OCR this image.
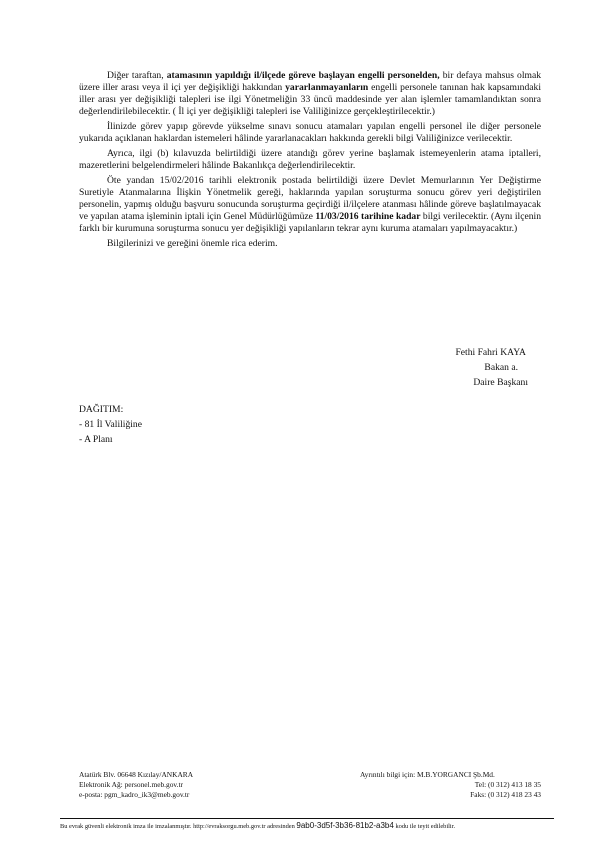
Diğer taraftan, atamasının yapıldığı il/ilçede göreve başlayan engelli personelden, bir defaya mahsus olmak üzere iller arası veya il içi yer değişikliği hakkından yararlanmayanların engelli personele tanınan hak kapsamındaki iller arası yer değişikliği talepleri ise ilgi Yönetmeliğin 33 üncü maddesinde yer alan işlemler tamamlandıktan sonra değerlendirilebilecektir. ( İl içi yer değişikliği talepleri ise Valiliğinizce gerçekleştirilecektir.)

İlinizde görev yapıp görevde yükselme sınavı sonucu atamaları yapılan engelli personel ile diğer personele yukarıda açıklanan haklardan istemeleri hâlinde yararlanacakları hakkında gerekli bilgi Valiliğinizce verilecektir.

Ayrıca, ilgi (b) kılavuzda belirtildiği üzere atandığı görev yerine başlamak istemeyenlerin atama iptalleri, mazeretlerini belgelendirmeleri hâlinde Bakanlıkça değerlendirilecektir.

Öte yandan 15/02/2016 tarihli elektronik postada belirtildiği üzere Devlet Memurlarının Yer Değiştirme Suretiyle Atanmalarına İlişkin Yönetmelik gereği, haklarında yapılan soruşturma sonucu görev yeri değiştirilen personelin, yapmış olduğu başvuru sonucunda soruşturma geçirdiği il/ilçelere atanması hâlinde göreve başlatılmayacak ve yapılan atama işleminin iptali için Genel Müdürlüğümüze 11/03/2016 tarihine kadar bilgi verilecektir. (Aynı ilçenin farklı bir kurumuna soruşturma sonucu yer değişikliği yapılanların tekrar aynı kuruma atamaları yapılmayacaktır.)

Bilgilerinizi ve gereğini önemle rica ederim.

Fethi Fahri KAYA
Bakan a.
Daire Başkanı
DAĞITIM:
- 81 İl Valiliğine
- A Planı
Atatürk Blv. 06648 Kızılay/ANKARA
Elektronik Ağ: personel.meb.gov.tr
e-posta: pgm_kadro_ik3@meb.gov.tr
Ayrıntılı bilgi için: M.B.YORGANCI Şb.Md.
Tel: (0 312) 413 18 35
Faks: (0 312) 418 23 43
Bu evrak güvenli elektronik imza ile imzalanmıştır. http://evraksorgu.meb.gov.tr adresinden 9ab0-3d5f-3b36-81b2-a3b4 kodu ile teyit edilebilir.
